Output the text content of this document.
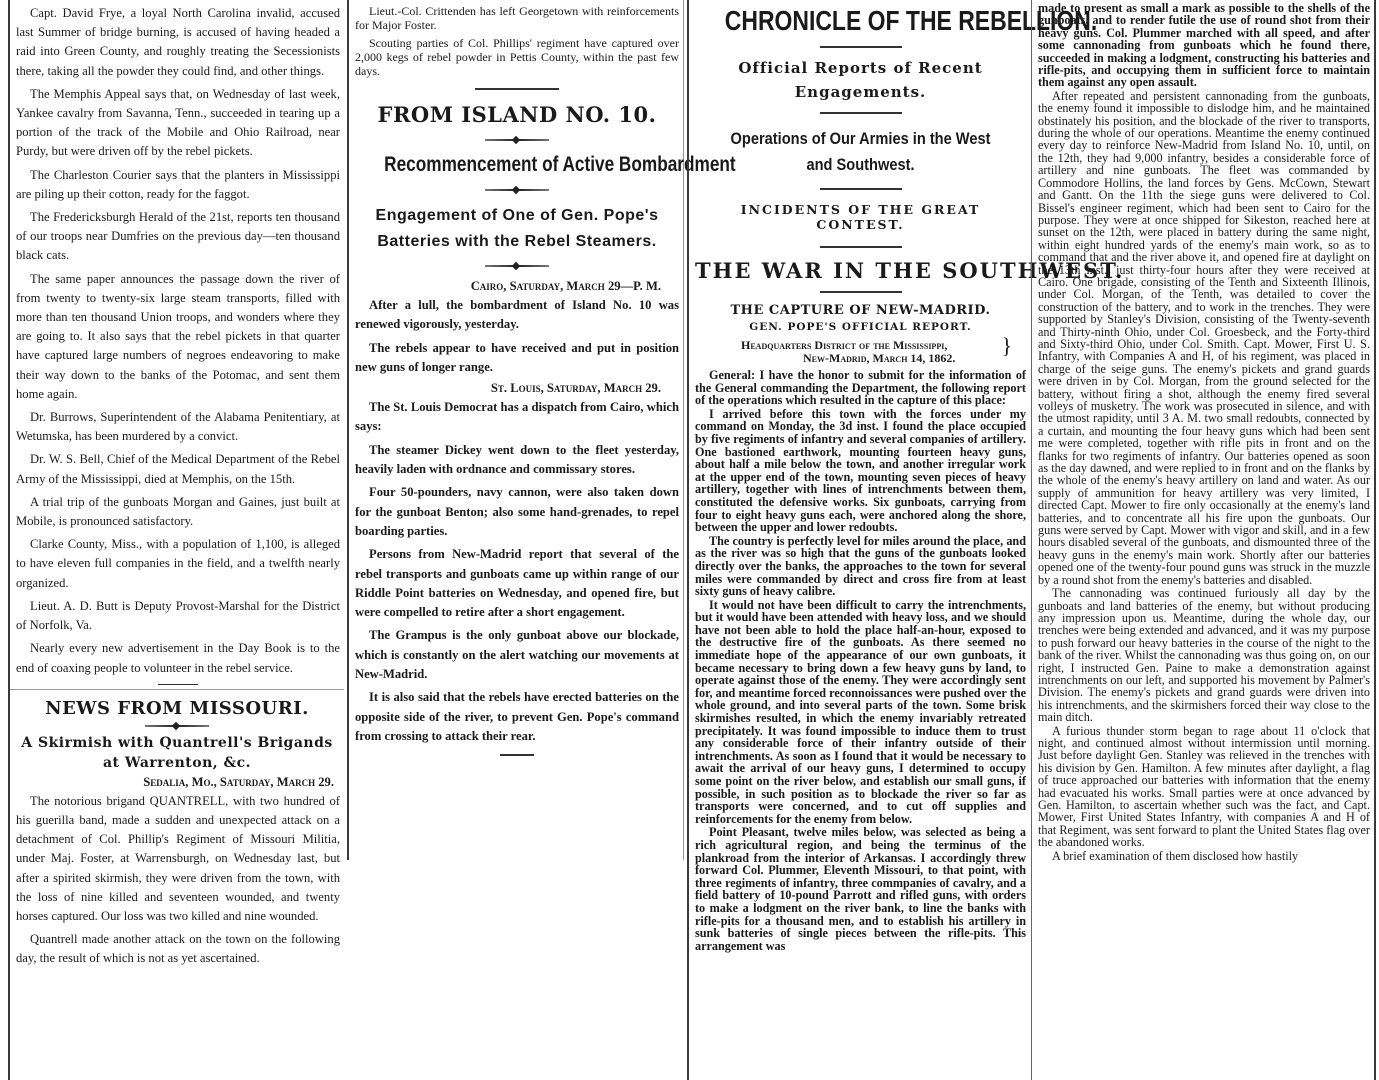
Capt. David Frye, a loyal North Carolina invalid, accused last Summer of bridge burning, is accused of having headed a raid into Green County, and roughly treating the Secessionists there, taking all the powder they could find, and other things.

The Memphis Appeal says that, on Wednesday of last week, Yankee cavalry from Savanna, Tenn., succeeded in tearing up a portion of the track of the Mobile and Ohio Railroad, near Purdy, but were driven off by the rebel pickets.

The Charleston Courier says that the planters in Mississippi are piling up their cotton, ready for the faggot.

The Fredericksburgh Herald of the 21st, reports ten thousand of our troops near Dumfries on the previous day—ten thousand black cats.

The same paper announces the passage down the river of from twenty to twenty-six large steam transports, filled with more than ten thousand Union troops, and wonders where they are going to. It also says that the rebel pickets in that quarter have captured large numbers of negroes endeavoring to make their way down to the banks of the Potomac, and sent them home again.

Dr. Burrows, Superintendent of the Alabama Penitentiary, at Wetumska, has been murdered by a convict.

Dr. W. S. Bell, Chief of the Medical Department of the Rebel Army of the Mississippi, died at Memphis, on the 15th.

A trial trip of the gunboats Morgan and Gaines, just built at Mobile, is pronounced satisfactory.

Clarke County, Miss., with a population of 1,100, is alleged to have eleven full companies in the field, and a twelfth nearly organized.

Lieut. A. D. Butt is Deputy Provost-Marshal for the District of Norfolk, Va.

Nearly every new advertisement in the Day Book is to the end of coaxing people to volunteer in the rebel service.

NEWS FROM MISSOURI.
A Skirmish with Quantrell's Brigands at Warrenton, &c.
Sedalia, Mo., Saturday, March 29.

The notorious brigand QUANTRELL, with two hundred of his guerilla band, made a sudden and unexpected attack on a detachment of Col. Phillip's Regiment of Missouri Militia, under Maj. Foster, at Warrensburgh, on Wednesday last, but after a spirited skirmish, they were driven from the town, with the loss of nine killed and seventeen wounded, and twenty horses captured. Our loss was two killed and nine wounded.

Quantrell made another attack on the town on the following day, the result of which is not as yet ascertained.

Lieut.-Col. Crittenden has left Georgetown with reinforcements for Major Foster.

Scouting parties of Col. Phillips' regiment have captured over 2,000 kegs of rebel powder in Pettis County, within the past few days.

FROM ISLAND NO. 10.
Recommencement of Active Bombardment
Engagement of One of Gen. Pope's Batteries with the Rebel Steamers.
Cairo, Saturday, March 29—P. M.

After a lull, the bombardment of Island No. 10 was renewed vigorously, yesterday.

The rebels appear to have received and put in position new guns of longer range.

St. Louis, Saturday, March 29.

The St. Louis Democrat has a dispatch from Cairo, which says:

The steamer Dickey went down to the fleet yesterday, heavily laden with ordnance and commissary stores.

Four 50-pounders, navy cannon, were also taken down for the gunboat Benton; also some hand-grenades, to repel boarding parties.

Persons from New-Madrid report that several of the rebel transports and gunboats came up within range of our Riddle Point batteries on Wednesday, and opened fire, but were compelled to retire after a short engagement.

The Grampus is the only gunboat above our blockade, which is constantly on the alert watching our movements at New-Madrid.

It is also said that the rebels have erected batteries on the opposite side of the river, to prevent Gen. Pope's command from crossing to attack their rear.

CHRONICLE OF THE REBELLION.
Official Reports of Recent Engagements.
Operations of Our Armies in the West and Southwest.
INCIDENTS OF THE GREAT CONTEST.
THE WAR IN THE SOUTHWEST.
THE CAPTURE OF NEW-MADRID.
GEN. POPE'S OFFICIAL REPORT.
Headquarters District of the Mississippi,
New-Madrid, March 14, 1862.	}

General: I have the honor to submit for the information of the General commanding the Department, the following report of the operations which resulted in the capture of this place:

I arrived before this town with the forces under my command on Monday, the 3d inst. I found the place occupied by five regiments of infantry and several companies of artillery. One bastioned earthwork, mounting fourteen heavy guns, about half a mile below the town, and another irregular work at the upper end of the town, mounting seven pieces of heavy artillery, together with lines of intrenchments between them, constituted the defensive works. Six gunboats, carrying from four to eight heavy guns each, were anchored along the shore, between the upper and lower redoubts.

The country is perfectly level for miles around the place, and as the river was so high that the guns of the gunboats looked directly over the banks, the approaches to the town for several miles were commanded by direct and cross fire from at least sixty guns of heavy calibre.

It would not have been difficult to carry the intrenchments, but it would have been attended with heavy loss, and we should have not been able to hold the place half-an-hour, exposed to the destructive fire of the gunboats. As there seemed no immediate hope of the appearance of our own gunboats, it became necessary to bring down a few heavy guns by land, to operate against those of the enemy. They were accordingly sent for, and meantime forced reconnoissances were pushed over the whole ground, and into several parts of the town. Some brisk skirmishes resulted, in which the enemy invariably retreated precipitately. It was found impossible to induce them to trust any considerable force of their infantry outside of their intrenchments. As soon as I found that it would be necessary to await the arrival of our heavy guns, I determined to occupy some point on the river below, and establish our small guns, if possible, in such position as to blockade the river so far as transports were concerned, and to cut off supplies and reinforcements for the enemy from below.

Point Pleasant, twelve miles below, was selected as being a rich agricultural region, and being the terminus of the plankroad from the interior of Arkansas. I accordingly threw forward Col. Plummer, Eleventh Missouri, to that point, with three regiments of infantry, three commpanies of cavalry, and a field battery of 10-pound Parrott and rifled guns, with orders to make a lodgment on the river bank, to line the banks with rifle-pits for a thousand men, and to establish his artillery in sunk batteries of single pieces between the rifle-pits. This arrangement was

made to present as small a mark as possible to the shells of the gunboats, and to render futile the use of round shot from their heavy guns. Col. Plummer marched with all speed, and after some cannonading from gunboats which he found there, succeeded in making a lodgment, constructing his batteries and rifle-pits, and occupying them in sufficient force to maintain them against any open assault.

After repeated and persistent cannonading from the gunboats, the enemy found it impossible to dislodge him, and he maintained obstinately his position, and the blockade of the river to transports, during the whole of our operations. Meantime the enemy continued every day to reinforce New-Madrid from Island No. 10, until, on the 12th, they had 9,000 infantry, besides a considerable force of artillery and nine gunboats. The fleet was commanded by Commodore Hollins, the land forces by Gens. McCown, Stewart and Gantt. On the 11th the siege guns were delivered to Col. Bissel's engineer regiment, which had been sent to Cairo for the purpose. They were at once shipped for Sikeston, reached here at sunset on the 12th, were placed in battery during the same night, within eight hundred yards of the enemy's main work, so as to command that and the river above it, and opened fire at daylight on the 13th inst., just thirty-four hours after they were received at Cairo. One brigade, consisting of the Tenth and Sixteenth Illinois, under Col. Morgan, of the Tenth, was detailed to cover the construction of the battery, and to work in the trenches. They were supported by Stanley's Division, consisting of the Twenty-seventh and Thirty-ninth Ohio, under Col. Groesbeck, and the Forty-third and Sixty-third Ohio, under Col. Smith. Capt. Mower, First U. S. Infantry, with Companies A and H, of his regiment, was placed in charge of the seige guns. The enemy's pickets and grand guards were driven in by Col. Morgan, from the ground selected for the battery, without firing a shot, although the enemy fired several volleys of musketry. The work was prosecuted in silence, and with the utmost rapidity, until 3 A. M. two small redoubts, connected by a curtain, and mounting the four heavy guns which had been sent me were completed, together with rifle pits in front and on the flanks for two regiments of infantry. Our batteries opened as soon as the day dawned, and were replied to in front and on the flanks by the whole of the enemy's heavy artillery on land and water. As our supply of ammunition for heavy artillery was very limited, I directed Capt. Mower to fire only occasionally at the enemy's land batteries, and to concentrate all his fire upon the gunboats. Our guns were served by Capt. Mower with vigor and skill, and in a few hours disabled several of the gunboats, and dismounted three of the heavy guns in the enemy's main work. Shortly after our batteries opened one of the twenty-four pound guns was struck in the muzzle by a round shot from the enemy's batteries and disabled.

The cannonading was continued furiously all day by the gunboats and land batteries of the enemy, but without producing any impression upon us. Meantime, during the whole day, our trenches were being extended and advanced, and it was my purpose to push forward our heavy batteries in the course of the night to the bank of the river. Whilst the cannonading was thus going on, on our right, I instructed Gen. Paine to make a demonstration against intrenchments on our left, and supported his movement by Palmer's Division. The enemy's pickets and grand guards were driven into his intrenchments, and the skirmishers forced their way close to the main ditch.

A furious thunder storm began to rage about 11 o'clock that night, and continued almost without intermission until morning. Just before daylight Gen. Stanley was relieved in the trenches with his division by Gen. Hamilton. A few minutes after daylight, a flag of truce approached our batteries with information that the enemy had evacuated his works. Small parties were at once advanced by Gen. Hamilton, to ascertain whether such was the fact, and Capt. Mower, First United States Infantry, with companies A and H of that Regiment, was sent forward to plant the United States flag over the abandoned works.

A brief examination of them disclosed how hastily
